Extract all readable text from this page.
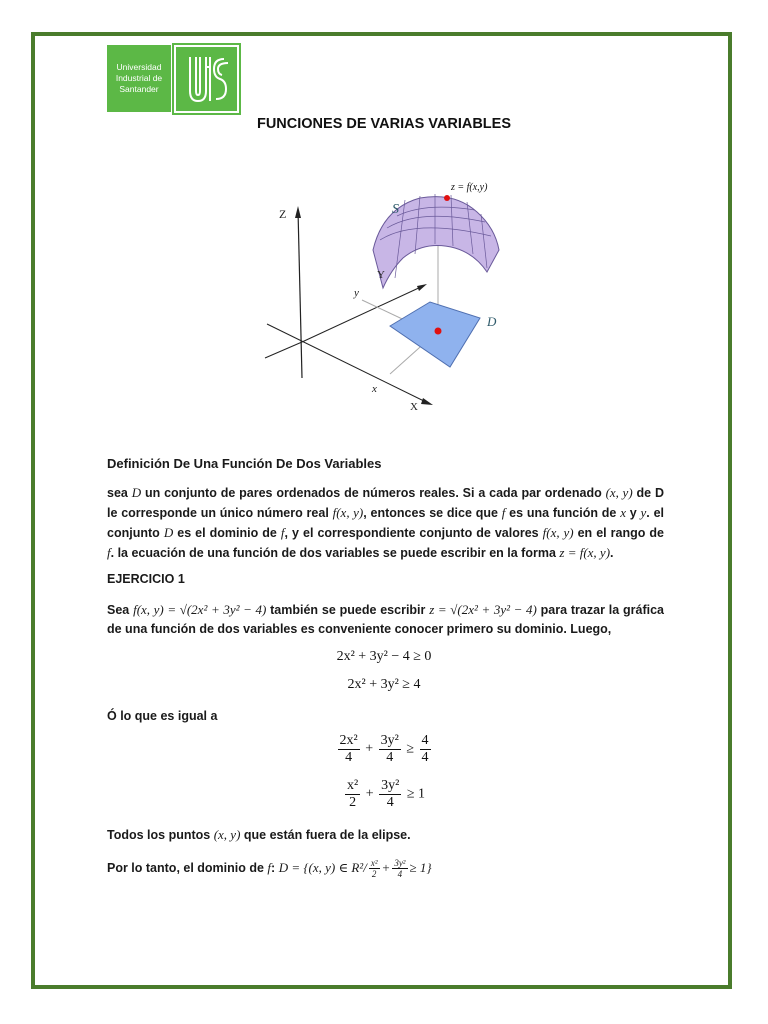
Universidad
Industrial de
Santander
FUNCIONES DE VARIAS VARIABLES
Z
Y
X
S
D
z = f(x,y)
x
y
Definición De Una Función De Dos Variables
sea D un conjunto de pares ordenados de números reales. Si a cada par ordenado (x, y) de D le corresponde un único número real f(x, y), entonces se dice que f es una función de x y y. el conjunto D es el dominio de f, y el correspondiente conjunto de valores f(x, y) en el rango de f. la ecuación de una función de dos variables se puede escribir en la forma z = f(x, y).
EJERCICIO 1
Sea f(x, y) = √(2x² + 3y² − 4) también se puede escribir z = √(2x² + 3y² − 4) para trazar la gráfica de una función de dos variables es conveniente conocer primero su dominio. Luego,
2x² + 3y² − 4 ≥ 0
2x² + 3y² ≥ 4
Ó lo que es igual a
$\frac{\text{2x²}}{4} + \frac{\text{3y²}}{4} \ge \frac{4}{4}$
$\frac{\text{x²}}{2} + \frac{\text{3y²}}{4} \ge 1$
Todos los puntos (x, y) que están fuera de la elipse.
Por lo tanto, el dominio de f: D = {(x, y) ∈ $R^2/ \frac{\text{x²}}{2} + \frac{\text{3y²}}{4} \ge 1$}
